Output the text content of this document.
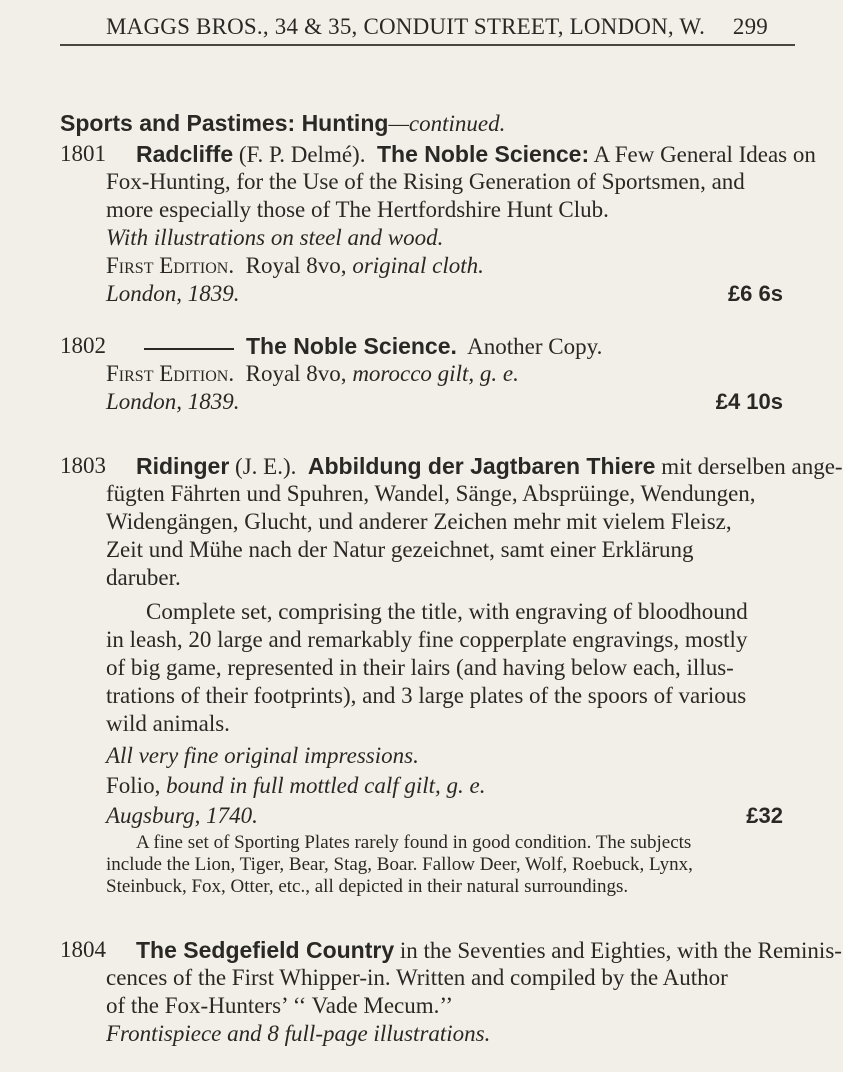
MAGGS BROS., 34 & 35, CONDUIT STREET, LONDON, W. 299
Sports and Pastimes: Hunting—continued.
1801 Radcliffe (F. P. Delmé).  The Noble Science: A Few General Ideas on
Fox-Hunting, for the Use of the Rising Generation of Sportsmen, and
more especially those of The Hertfordshire Hunt Club.
With illustrations on steel and wood.
First Edition.  Royal 8vo, original cloth.
London, 1839.	£6 6s
1802	The Noble Science.  Another Copy.
First Edition.  Royal 8vo, morocco gilt, g. e.
London, 1839.	£4 10s
1803 Ridinger (J. E.).  Abbildung der Jagtbaren Thiere mit derselben ange-
fügten Fährten und Spuhren, Wandel, Sänge, Absprüinge, Wendungen,
Widengängen, Glucht, und anderer Zeichen mehr mit vielem Fleisz,
Zeit und Mühe nach der Natur gezeichnet, samt einer Erklärung
daruber.
Complete set, comprising the title, with engraving of bloodhound
in leash, 20 large and remarkably fine copperplate engravings, mostly
of big game, represented in their lairs (and having below each, illus-
trations of their footprints), and 3 large plates of the spoors of various
wild animals.
All very fine original impressions.
Folio, bound in full mottled calf gilt, g. e.
Augsburg, 1740.	£32
A fine set of Sporting Plates rarely found in good condition. The subjects
include the Lion, Tiger, Bear, Stag, Boar. Fallow Deer, Wolf, Roebuck, Lynx,
Steinbuck, Fox, Otter, etc., all depicted in their natural surroundings.
1804 The Sedgefield Country in the Seventies and Eighties, with the Reminis-
cences of the First Whipper-in. Written and compiled by the Author
of the Fox-Hunters’ ‘‘ Vade Mecum.’’
Frontispiece and 8 full-page illustrations.
